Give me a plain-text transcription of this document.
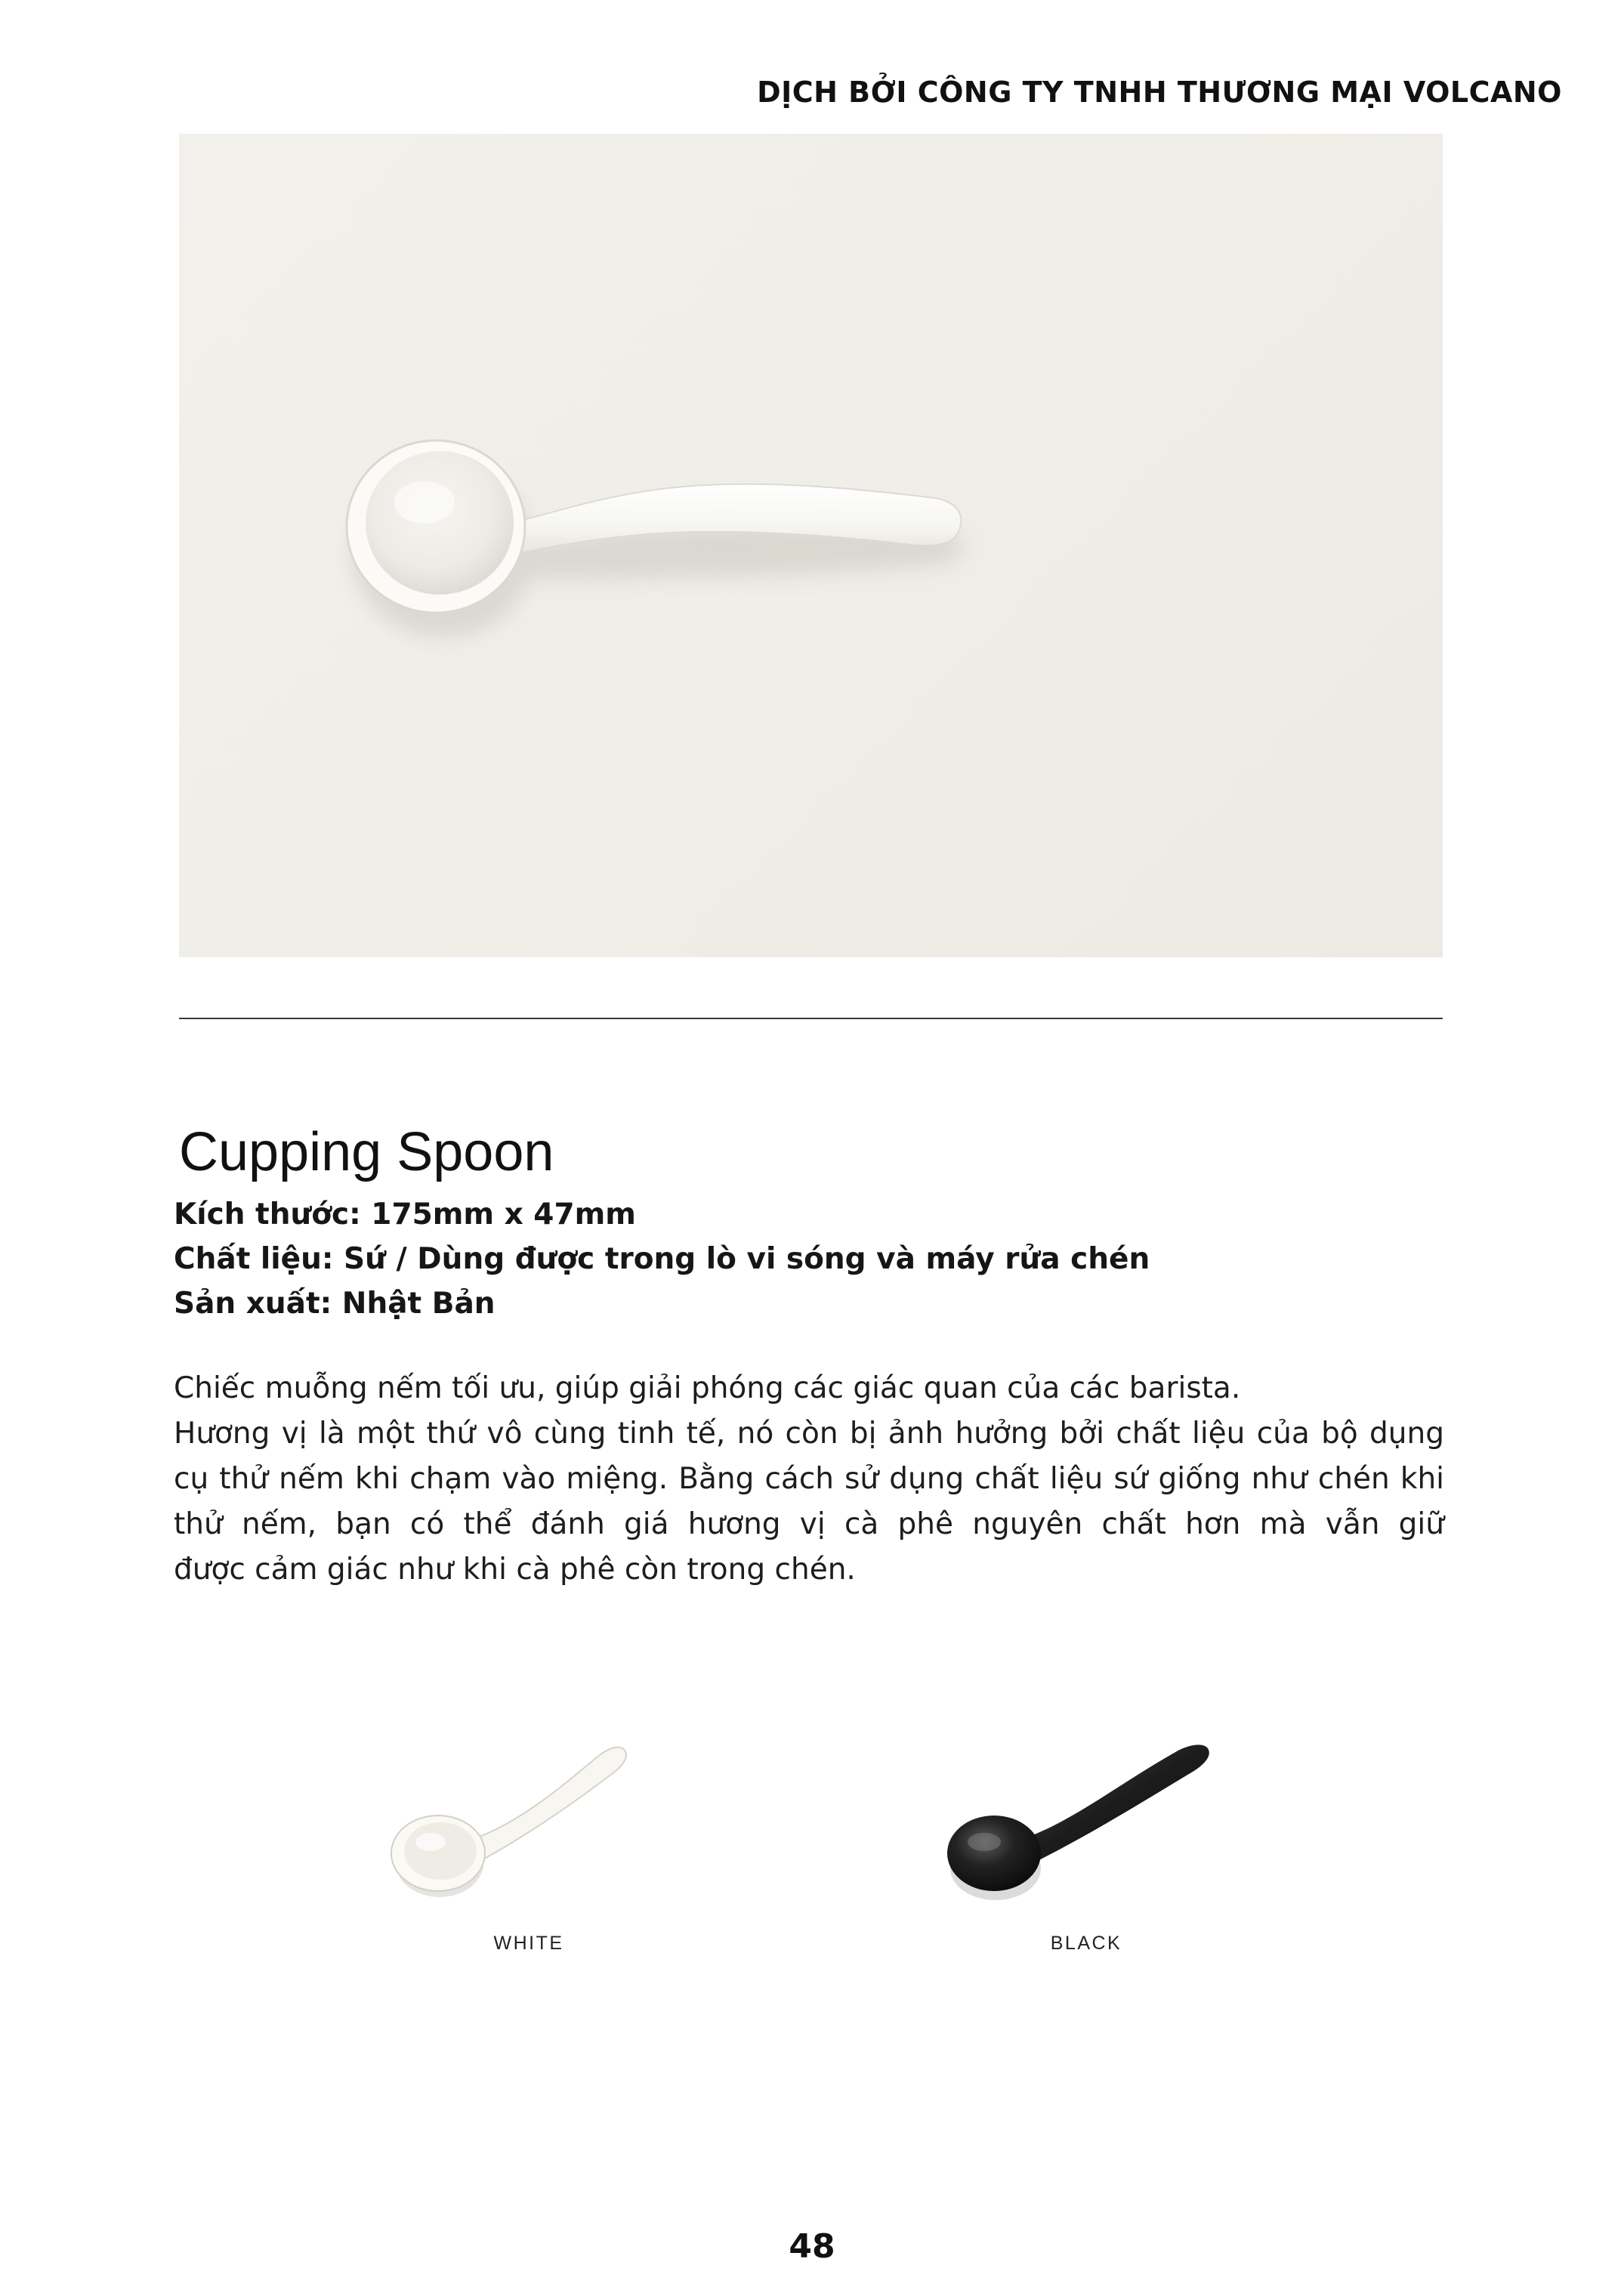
DỊCH BỞI CÔNG TY TNHH THƯƠNG MẠI VOLCANO
Cupping Spoon
Kích thước: 175mm x 47mm
Chất liệu: Sứ / Dùng được trong lò vi sóng và máy rửa chén
Sản xuất: Nhật Bản
Chiếc muỗng nếm tối ưu, giúp giải phóng các giác quan của các barista.
Hương vị là một thứ vô cùng tinh tế, nó còn bị ảnh hưởng bởi chất liệu của bộ dụng cụ thử nếm khi chạm vào miệng. Bằng cách sử dụng chất liệu sứ giống như chén khi thử nếm, bạn có thể đánh giá hương vị cà phê nguyên chất hơn mà vẫn giữ
được cảm giác như khi cà phê còn trong chén.
WHITE	BLACK
48
